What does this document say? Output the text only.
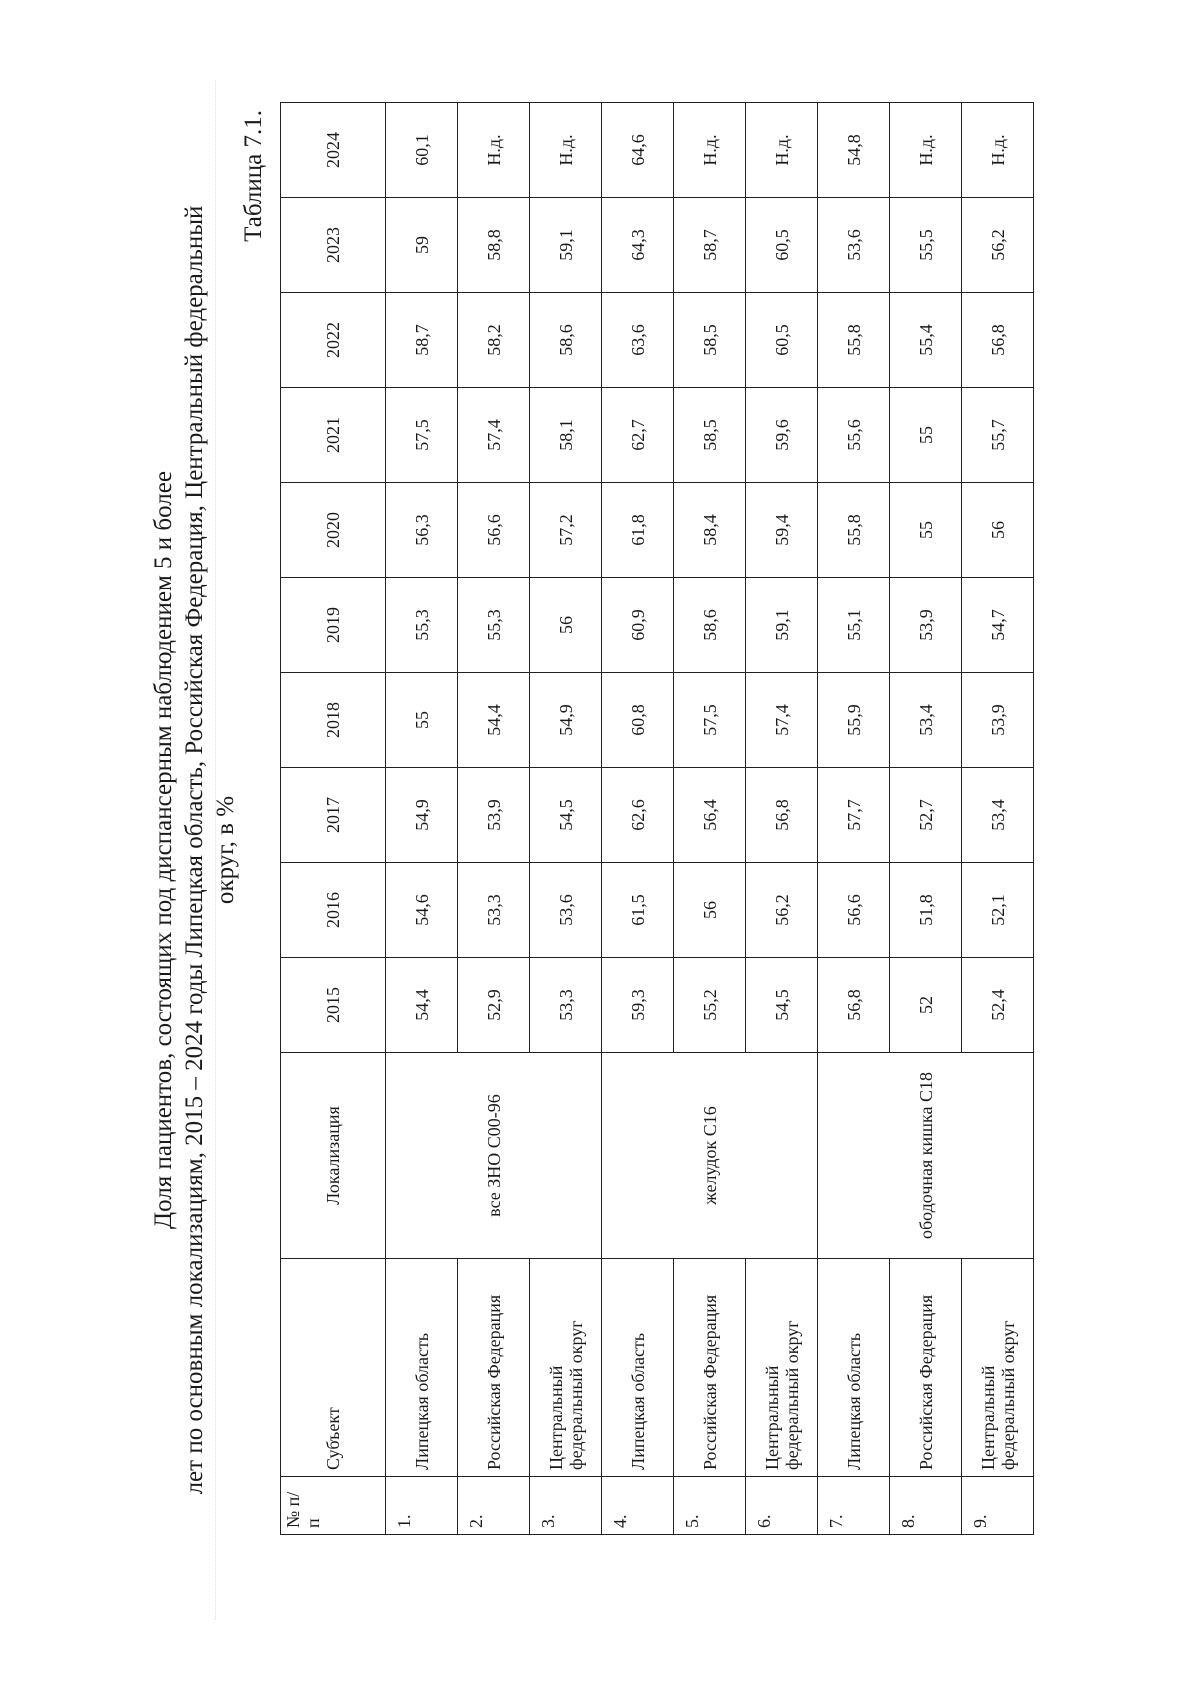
Доля пациентов, состоящих под диспансерным наблюдением 5 и более лет по основным локализациям, 2015 – 2024 годы Липецкая область, Российская Федерация, Центральный федеральный округ, в %
Таблица 7.1.
№ п/п	Субъект	Локализация	2015	2016	2017	2018	2019	2020	2021	2022	2023	2024
1.	Липецкая область	все ЗНО С00-96	54,4	54,6	54,9	55	55,3	56,3	57,5	58,7	59	60,1
2.	Российская Федерация		52,9	53,3	53,9	54,4	55,3	56,6	57,4	58,2	58,8	Н.д.
3.	Центральный федеральный округ		53,3	53,6	54,5	54,9	56	57,2	58,1	58,6	59,1	Н.д.
4.	Липецкая область	желудок С16	59,3	61,5	62,6	60,8	60,9	61,8	62,7	63,6	64,3	64,6
5.	Российская Федерация		55,2	56	56,4	57,5	58,6	58,4	58,5	58,5	58,7	Н.д.
6.	Центральный федеральный округ		54,5	56,2	56,8	57,4	59,1	59,4	59,6	60,5	60,5	Н.д.
7.	Липецкая область	ободочная кишка С18	56,8	56,6	57,7	55,9	55,1	55,8	55,6	55,8	53,6	54,8
8.	Российская Федерация		52	51,8	52,7	53,4	53,9	55	55	55,4	55,5	Н.д.
9.	Центральный федеральный округ		52,4	52,1	53,4	53,9	54,7	56	55,7	56,8	56,2	Н.д.
